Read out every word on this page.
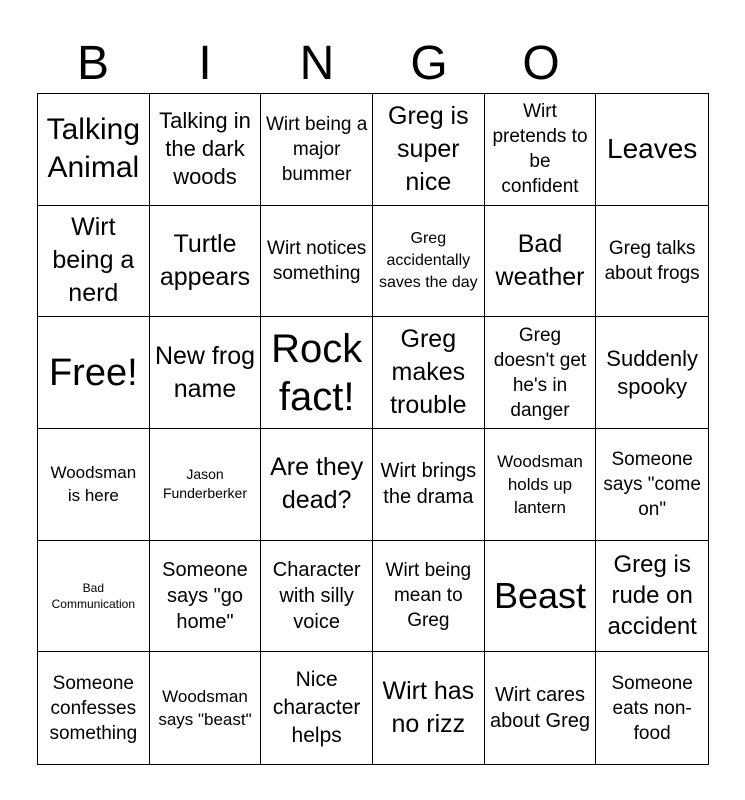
B	I	N	G	O
Talking Animal
Talking in the dark woods
Wirt being a major bummer
Greg is super nice
Wirt pretends to be confident
Leaves
Wirt being a nerd
Turtle appears
Wirt notices something
Greg accidentally saves the day
Bad weather
Greg talks about frogs
Free! New frog name
Rock fact!
Greg makes trouble
Greg doesn't get he's in danger
Suddenly spooky
Woodsman is here
Jason Funderberker
Are they dead?
Wirt brings the drama
Woodsman holds up lantern
Someone says "come on"
Bad Communication
Someone says "go home"
Character with silly voice
Wirt being mean to Greg
Beast
Greg is rude on accident
Someone confesses something
Woodsman says "beast"
Nice character helps
Wirt has no rizz
Wirt cares about Greg
Someone eats non-food
